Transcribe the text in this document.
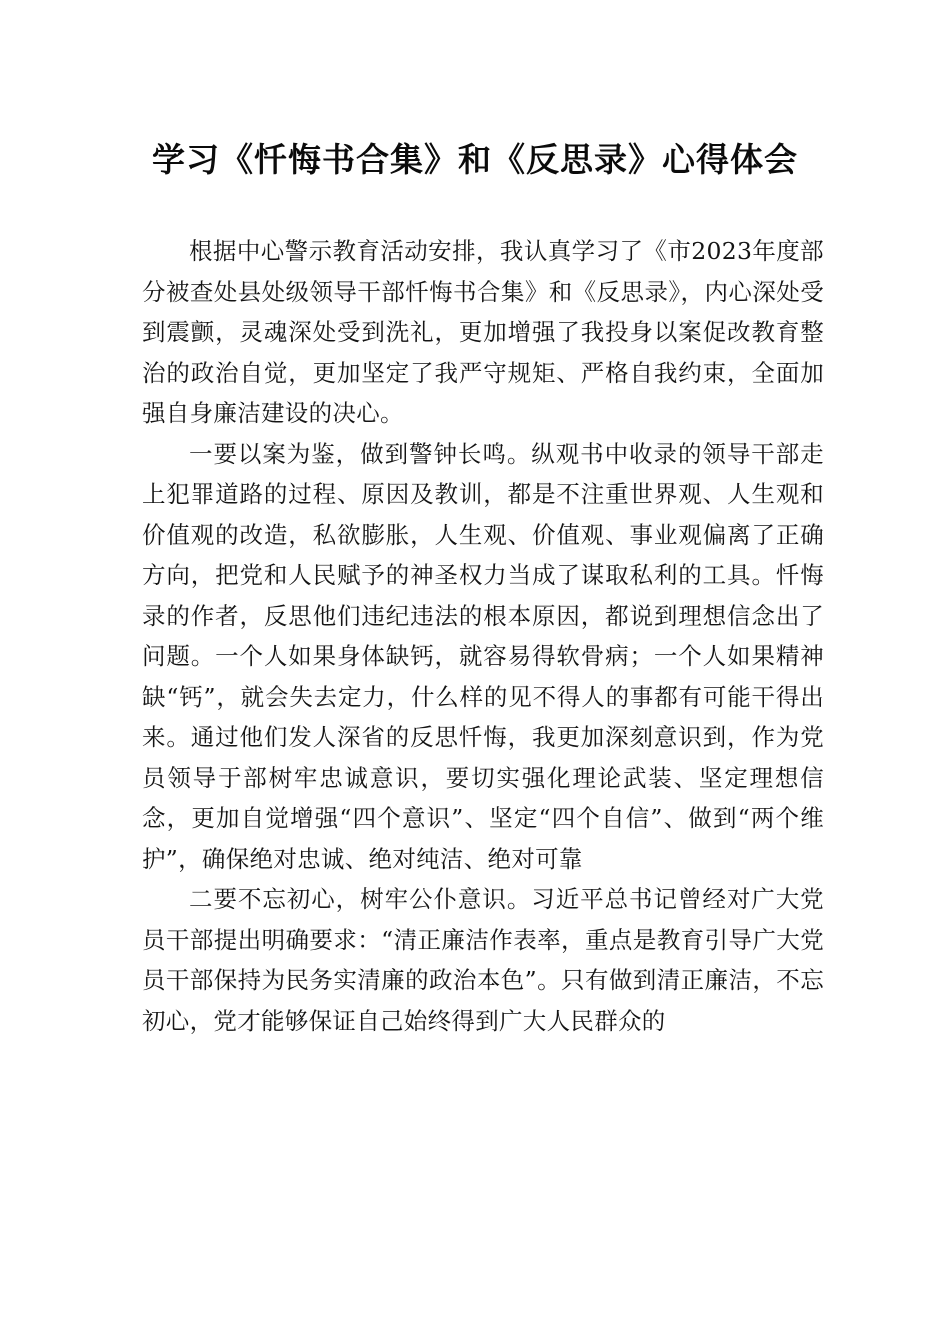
学习《忏悔书合集》和《反思录》心得体会

根据中心警示教育活动安排，我认真学习了《市2023年度部分被查处县处级领导干部忏悔书合集》和《反思录》，内心深处受到震颤，灵魂深处受到洗礼，更加增强了我投身以案促改教育整治的政治自觉，更加坚定了我严守规矩、严格自我约束，全面加强自身廉洁建设的决心。

一要以案为鉴，做到警钟长鸣。纵观书中收录的领导干部走上犯罪道路的过程、原因及教训，都是不注重世界观、人生观和价值观的改造，私欲膨胀，人生观、价值观、事业观偏离了正确方向，把党和人民赋予的神圣权力当成了谋取私利的工具。忏悔录的作者，反思他们违纪违法的根本原因，都说到理想信念出了问题。一个人如果身体缺钙，就容易得软骨病；一个人如果精神缺“钙”，就会失去定力，什么样的见不得人的事都有可能干得出来。通过他们发人深省的反思忏悔，我更加深刻意识到，作为党员领导于部树牢忠诚意识，要切实强化理论武装、坚定理想信念，更加自觉增强“四个意识”、坚定“四个自信”、做到“两个维护”，确保绝对忠诚、绝对纯洁、绝对可靠

二要不忘初心，树牢公仆意识。习近平总书记曾经对广大党员干部提出明确要求：“清正廉洁作表率，重点是教育引导广大党员干部保持为民务实清廉的政治本色”。只有做到清正廉洁，不忘初心，党才能够保证自己始终得到广大人民群众的
